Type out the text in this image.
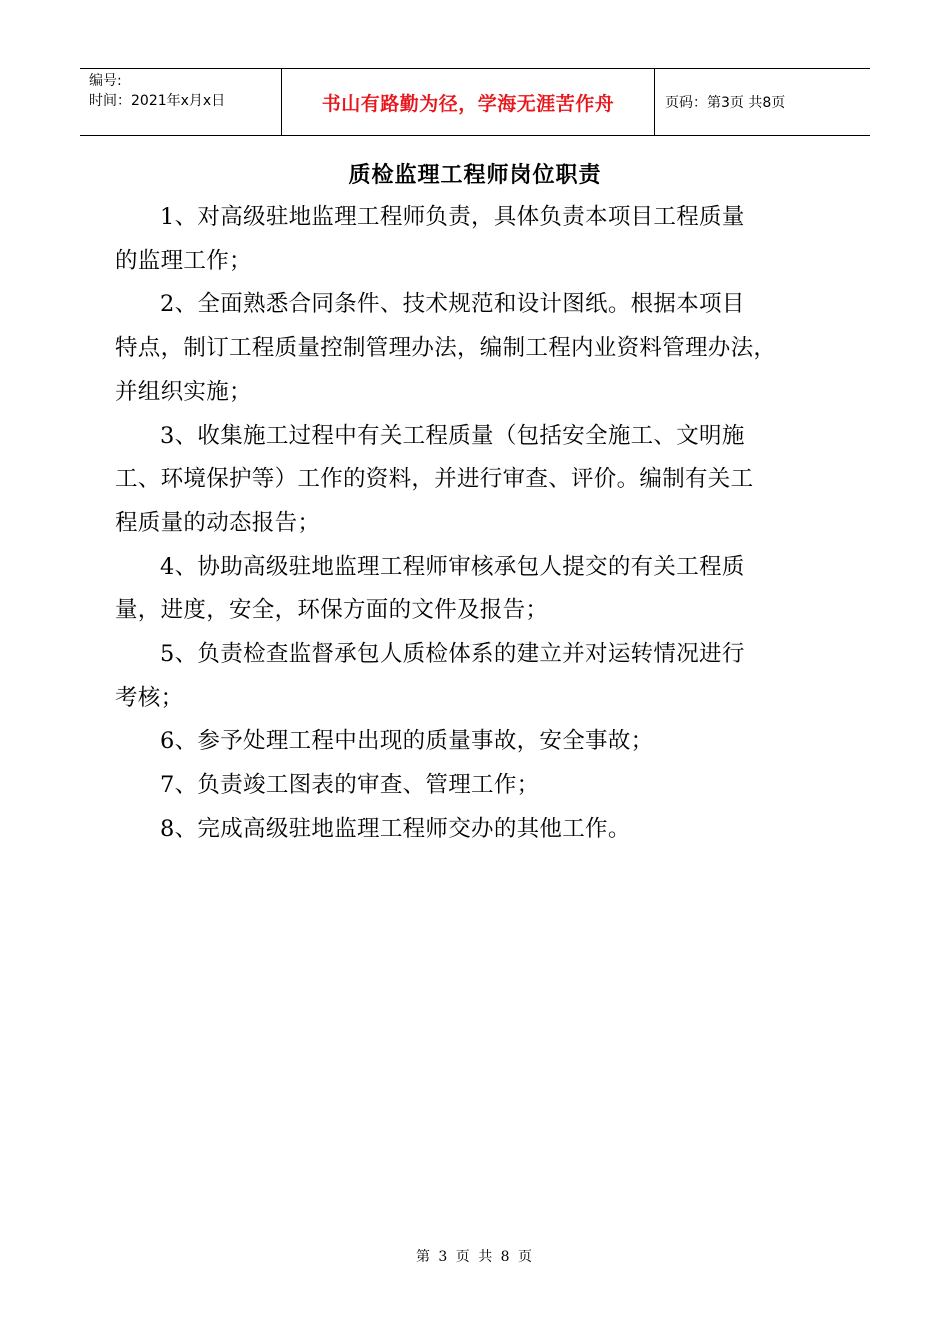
编号:
时间：2021年x月x日	书山有路勤为径，学海无涯苦作舟	页码：第3页 共8页
质检监理工程师岗位职责

1、对高级驻地监理工程师负责，具体负责本项目工程质量
的监理工作；

2、全面熟悉合同条件、技术规范和设计图纸。根据本项目
特点，制订工程质量控制管理办法，编制工程内业资料管理办法，
并组织实施；

3、收集施工过程中有关工程质量（包括安全施工、文明施
工、环境保护等）工作的资料，并进行审查、评价。编制有关工
程质量的动态报告；

4、协助高级驻地监理工程师审核承包人提交的有关工程质
量，进度，安全，环保方面的文件及报告；

5、负责检查监督承包人质检体系的建立并对运转情况进行
考核；

6、参予处理工程中出现的质量事故，安全事故；

7、负责竣工图表的审查、管理工作；

8、完成高级驻地监理工程师交办的其他工作。

第 3 页 共 8 页
